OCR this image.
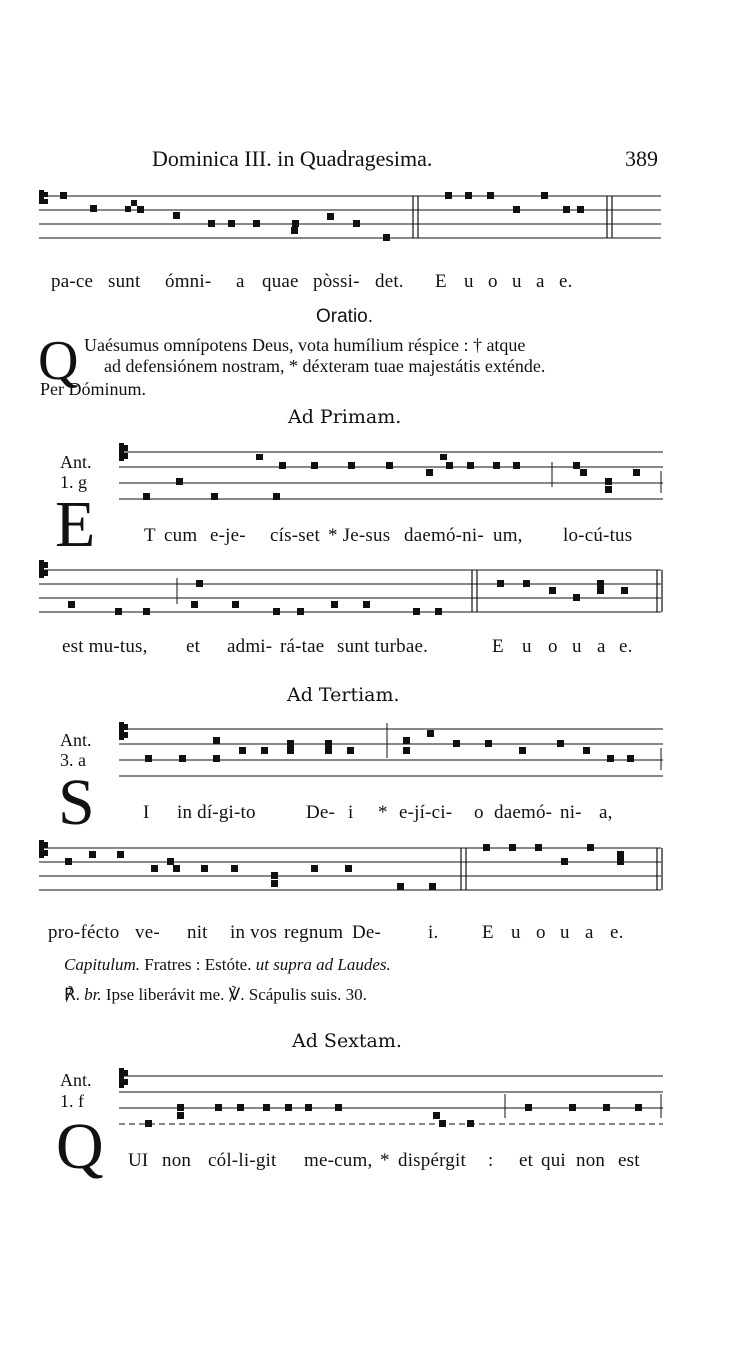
Dominica III. in Quadragesima.	389
pa-ce sunt ómni- a quae pòssi- det. E u o u a e.
Oratio.
Q Uaésumus omnípotens Deus, vota humílium réspice : † atque
ad defensiónem nostram, * déxteram tuae majestátis exténde.
Per Dóminum.
Ad Primam.
Ant.
1. g
E	T cum e-je- cís-set * Je-sus daemó-ni- um, lo-cú-tus
est mu-tus, et admi- rá-tae sunt turbae.	E u o u a e.
Ad Tertiam.
Ant.
3. a
S	I in dí-gi-to	De- i * e-jí-ci- o daemó- ni- a,
pro-fécto ve- nit in vos regnum De- i. E u o u a e.
Capitulum. Fratres : Estóte. ut supra ad Laudes.
℟. br. Ipse liberávit me. ℣. Scápulis suis. 30.
Ad Sextam.
Ant.
1. f
Q UI non cól-li-git me-cum, * dispérgit : et qui non est
